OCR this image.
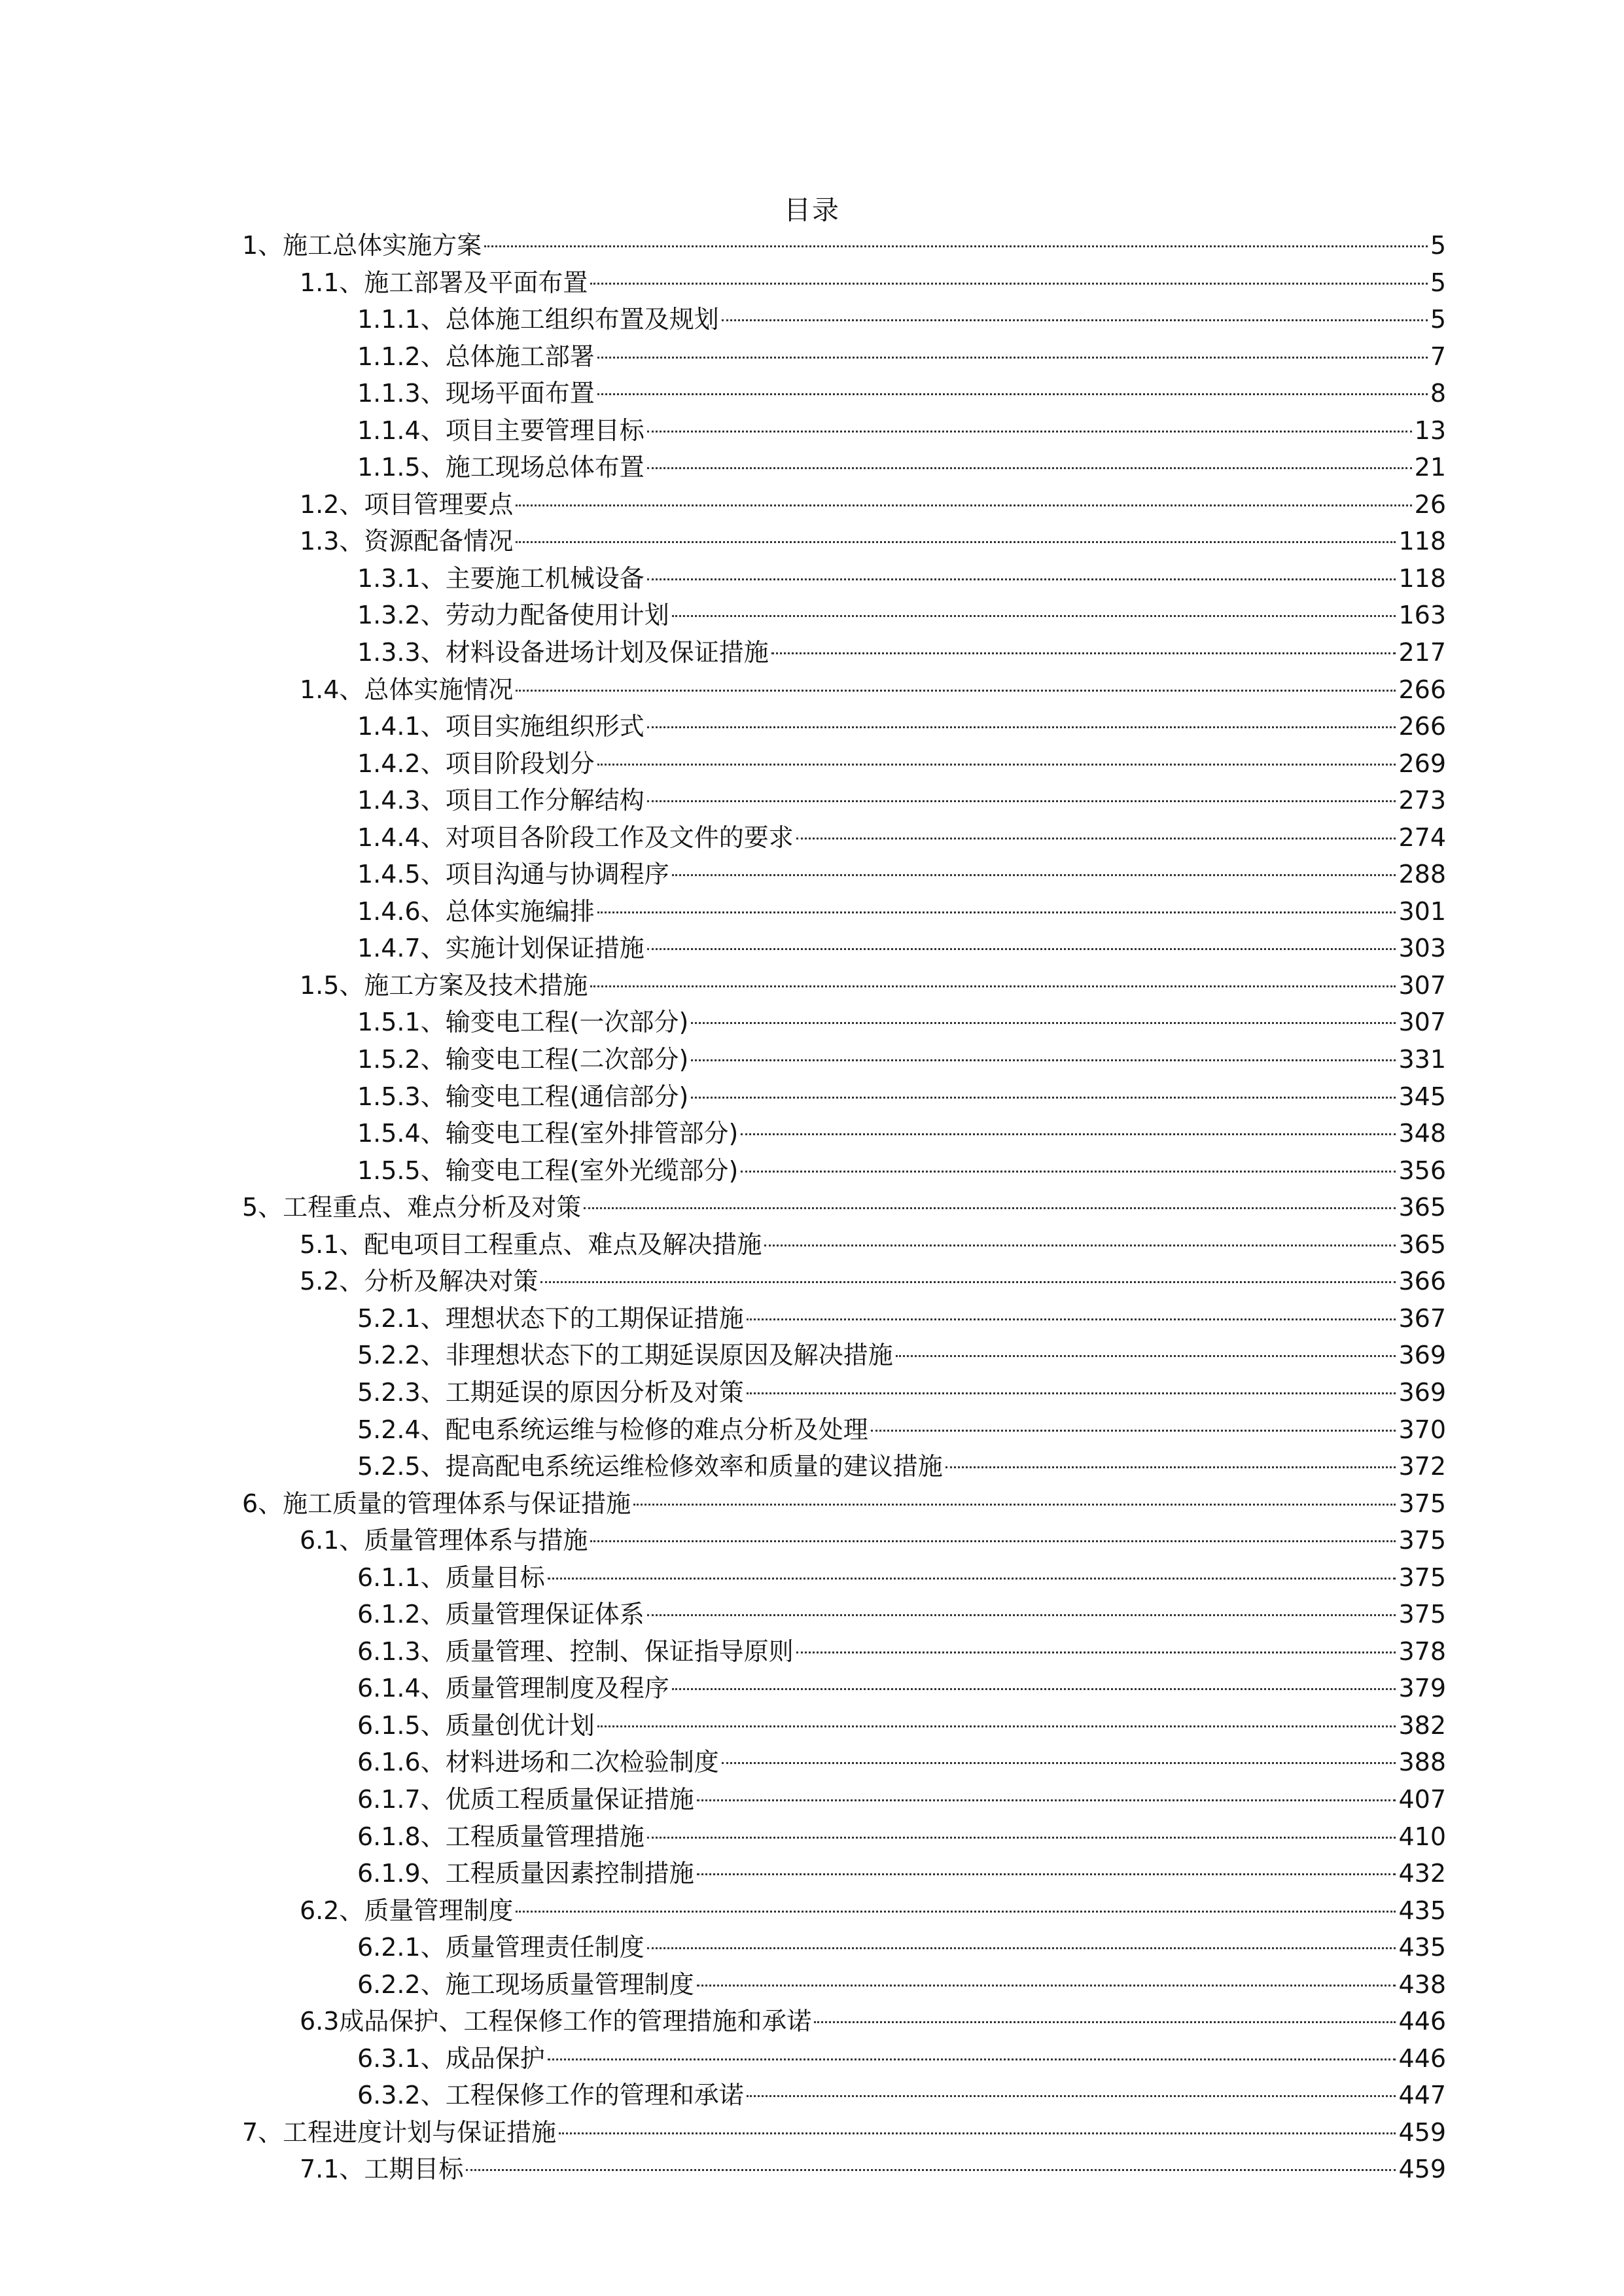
目录
1、施工总体实施方案	5
1.1、施工部署及平面布置	5
1.1.1、总体施工组织布置及规划	5
1.1.2、总体施工部署	7
1.1.3、现场平面布置	8
1.1.4、项目主要管理目标	13
1.1.5、施工现场总体布置	21
1.2、项目管理要点	26
1.3、资源配备情况	118
1.3.1、主要施工机械设备	118
1.3.2、劳动力配备使用计划	163
1.3.3、材料设备进场计划及保证措施	217
1.4、总体实施情况	266
1.4.1、项目实施组织形式	266
1.4.2、项目阶段划分	269
1.4.3、项目工作分解结构	273
1.4.4、对项目各阶段工作及文件的要求	274
1.4.5、项目沟通与协调程序	288
1.4.6、总体实施编排	301
1.4.7、实施计划保证措施	303
1.5、施工方案及技术措施	307
1.5.1、输变电工程(一次部分)	307
1.5.2、输变电工程(二次部分)	331
1.5.3、输变电工程(通信部分)	345
1.5.4、输变电工程(室外排管部分)	348
1.5.5、输变电工程(室外光缆部分)	356
5、工程重点、难点分析及对策	365
5.1、配电项目工程重点、难点及解决措施	365
5.2、分析及解决对策	366
5.2.1、理想状态下的工期保证措施	367
5.2.2、非理想状态下的工期延误原因及解决措施	369
5.2.3、工期延误的原因分析及对策	369
5.2.4、配电系统运维与检修的难点分析及处理	370
5.2.5、提高配电系统运维检修效率和质量的建议措施	372
6、施工质量的管理体系与保证措施	375
6.1、质量管理体系与措施	375
6.1.1、质量目标	375
6.1.2、质量管理保证体系	375
6.1.3、质量管理、控制、保证指导原则	378
6.1.4、质量管理制度及程序	379
6.1.5、质量创优计划	382
6.1.6、材料进场和二次检验制度	388
6.1.7、优质工程质量保证措施	407
6.1.8、工程质量管理措施	410
6.1.9、工程质量因素控制措施	432
6.2、质量管理制度	435
6.2.1、质量管理责任制度	435
6.2.2、施工现场质量管理制度	438
6.3成品保护、工程保修工作的管理措施和承诺	446
6.3.1、成品保护	446
6.3.2、工程保修工作的管理和承诺	447
7、工程进度计划与保证措施	459
7.1、工期目标	459
